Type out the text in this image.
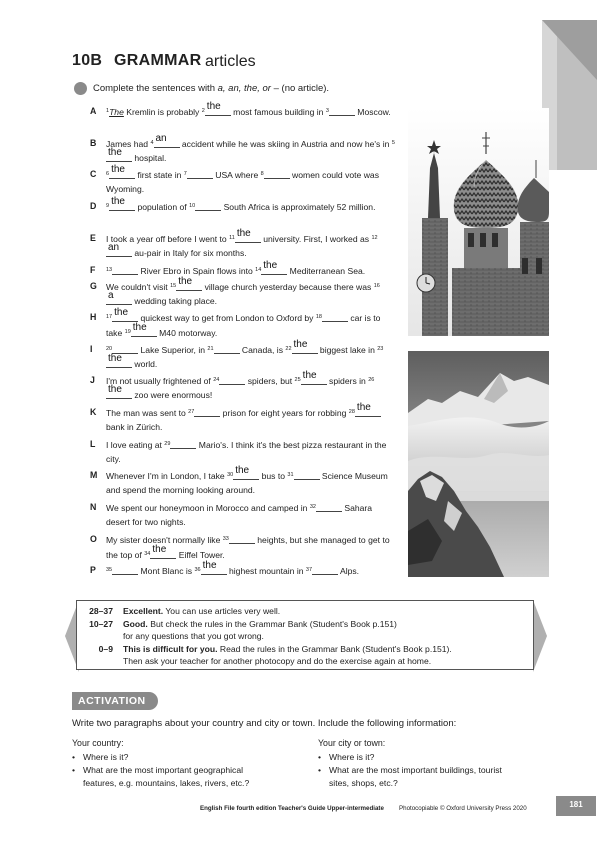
10B GRAMMAR articles
Complete the sentences with a, an, the, or – (no article).
A $^1$The Kremlin is probably $^2$ the most famous building in $^3$	Moscow.
B James had $^4$ an accident while he was skiing in Austria and now he's in $^5$
the hospital.
C $^6$ the first state in $^7$	USA where $^8$	women could vote was Wyoming.
D $^9$ the population of $^{10}$	South Africa is approximately 52 million.
E I took a year off before I went to $^{11}$ the university. First, I worked as $^{12}$
an au-pair in Italy for six months.
F $^{13}$	River Ebro in Spain flows into $^{14}$ the Mediterranean Sea.
G We couldn't visit $^{15}$ the village church yesterday because there was $^{16}$
a wedding taking place.
H $^{17}$ the quickest way to get from London to Oxford by $^{18}$	car is to take $^{19}$ the M40 motorway.
I $^{20}$	Lake Superior, in $^{21}$	Canada, is $^{22}$ the biggest lake in $^{23}$
the world.
J I'm not usually frightened of $^{24}$	spiders, but $^{25}$ the spiders in $^{26}$
the zoo were enormous!
K The man was sent to $^{27}$	prison for eight years for robbing $^{28}$ the
bank in Zürich.
L I love eating at $^{29}$	Mario's. I think it's the best pizza restaurant in the city.
M Whenever I'm in London, I take $^{30}$ the bus to $^{31}$	Science Museum and spend the morning looking around.
N We spent our honeymoon in Morocco and camped in $^{32}$	Sahara desert for two nights.
O My sister doesn't normally like $^{33}$	heights, but she managed to get to the top of $^{34}$ the Eiffel Tower.
P $^{35}$	Mont Blanc is $^{36}$ the highest mountain in $^{37}$	Alps.
28–37 Excellent. You can use articles very well.
10–27 Good. But check the rules in the Grammar Bank (Student's Book p.151)
for any questions that you got wrong.
0–9 This is difficult for you. Read the rules in the Grammar Bank (Student's Book p.151).
Then ask your teacher for another photocopy and do the exercise again at home.
ACTIVATION
Write two paragraphs about your country and city or town. Include the following information:
Your country:
• Where is it?
• What are the most important geographical
features, e.g. mountains, lakes, rivers, etc.?
Your city or town:
• Where is it?
• What are the most important buildings, tourist
sites, shops, etc.?
English File fourth edition Teacher's Guide Upper-intermediate Photocopiable © Oxford University Press 2020	181
